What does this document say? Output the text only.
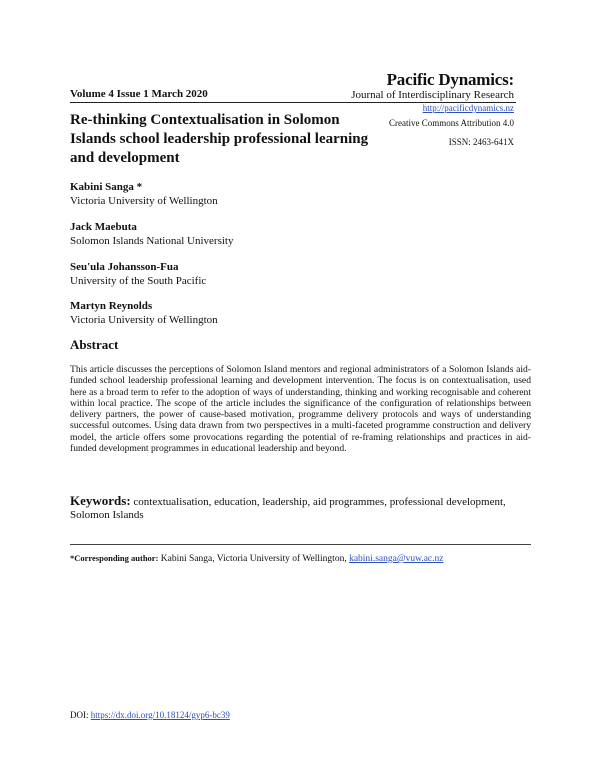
Pacific Dynamics:
Journal of Interdisciplinary Research
Volume 4 Issue 1 March 2020
http://pacificdynamics.nz
Creative Commons Attribution 4.0
ISSN: 2463-641X
Re-thinking Contextualisation in Solomon Islands school leadership professional learning and development
Kabini Sanga *
Victoria University of Wellington
Jack Maebuta
Solomon Islands National University
Seu'ula Johansson-Fua
University of the South Pacific
Martyn Reynolds
Victoria University of Wellington
Abstract
This article discusses the perceptions of Solomon Island mentors and regional administrators of a Solomon Islands aid-funded school leadership professional learning and development intervention. The focus is on contextualisation, used here as a broad term to refer to the adoption of ways of understanding, thinking and working recognisable and coherent within local practice. The scope of the article includes the significance of the configuration of relationships between delivery partners, the power of cause-based motivation, programme delivery protocols and ways of understanding successful outcomes. Using data drawn from two perspectives in a multi-faceted programme construction and delivery model, the article offers some provocations regarding the potential of re-framing relationships and practices in aid-funded development programmes in educational leadership and beyond.
Keywords: contextualisation, education, leadership, aid programmes, professional development, Solomon Islands
*Corresponding author: Kabini Sanga, Victoria University of Wellington, kabini.sanga@vuw.ac.nz
DOI: https://dx.doi.org/10.18124/gyp6-bc39
